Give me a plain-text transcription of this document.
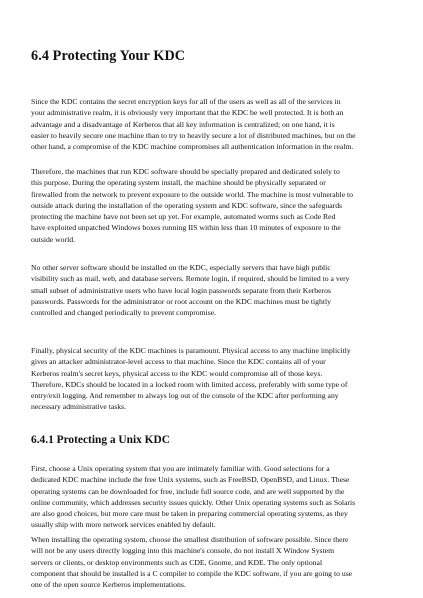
6.4 Protecting Your KDC
Since the KDC contains the secret encryption keys for all of the users as well as all of the services in
your administrative realm, it is obviously very important that the KDC be well protected. It is both an
advantage and a disadvantage of Kerberos that all key information is centralized; on one hand, it is
easier to heavily secure one machine than to try to heavily secure a lot of distributed machines, but on the
other hand, a compromise of the KDC machine compromises all authentication information in the realm.
Therefore, the machines that run KDC software should be specially prepared and dedicated solely to
this purpose. During the operating system install, the machine should be physically separated or
firewalled from the network to prevent exposure to the outside world. The machine is most vulnerable to
outside attack during the installation of the operating system and KDC software, since the safeguards
protecting the machine have not been set up yet. For example, automated worms such as Code Red
have exploited unpatched Windows boxes running IIS within less than 10 minutes of exposure to the
outside world.
No other server software should be installed on the KDC, especially servers that have high public
visibility such as mail, web, and database servers. Remote login, if required, should be limited to a very
small subset of administrative users who have local login passwords separate from their Kerberos
passwords. Passwords for the administrator or root account on the KDC machines must be tightly
controlled and changed periodically to prevent compromise.
Finally, physical security of the KDC machines is paramount. Physical access to any machine implicitly
gives an attacker administrator-level access to that machine. Since the KDC contains all of your
Kerberos realm's secret keys, physical access to the KDC would compromise all of those keys.
Therefore, KDCs should be located in a locked room with limited access, preferably with some type of
entry/exit logging. And remember to always log out of the console of the KDC after performing any
necessary administrative tasks.
6.4.1 Protecting a Unix KDC
First, choose a Unix operating system that you are intimately familiar with. Good selections for a
dedicated KDC machine include the free Unix systems, such as FreeBSD, OpenBSD, and Linux. These
operating systems can be downloaded for free, include full source code, and are well supported by the
online community, which addresses security issues quickly. Other Unix operating systems such as Solaris
are also good choices, but more care must be taken in preparing commercial operating systems, as they
usually ship with more network services enabled by default.
When installing the operating system, choose the smallest distribution of software possible. Since there
will not be any users directly logging into this machine's console, do not install X Window System
servers or clients, or desktop environments such as CDE, Gnome, and KDE. The only optional
component that should be installed is a C compiler to compile the KDC software, if you are going to use
one of the open source Kerberos implementations.
